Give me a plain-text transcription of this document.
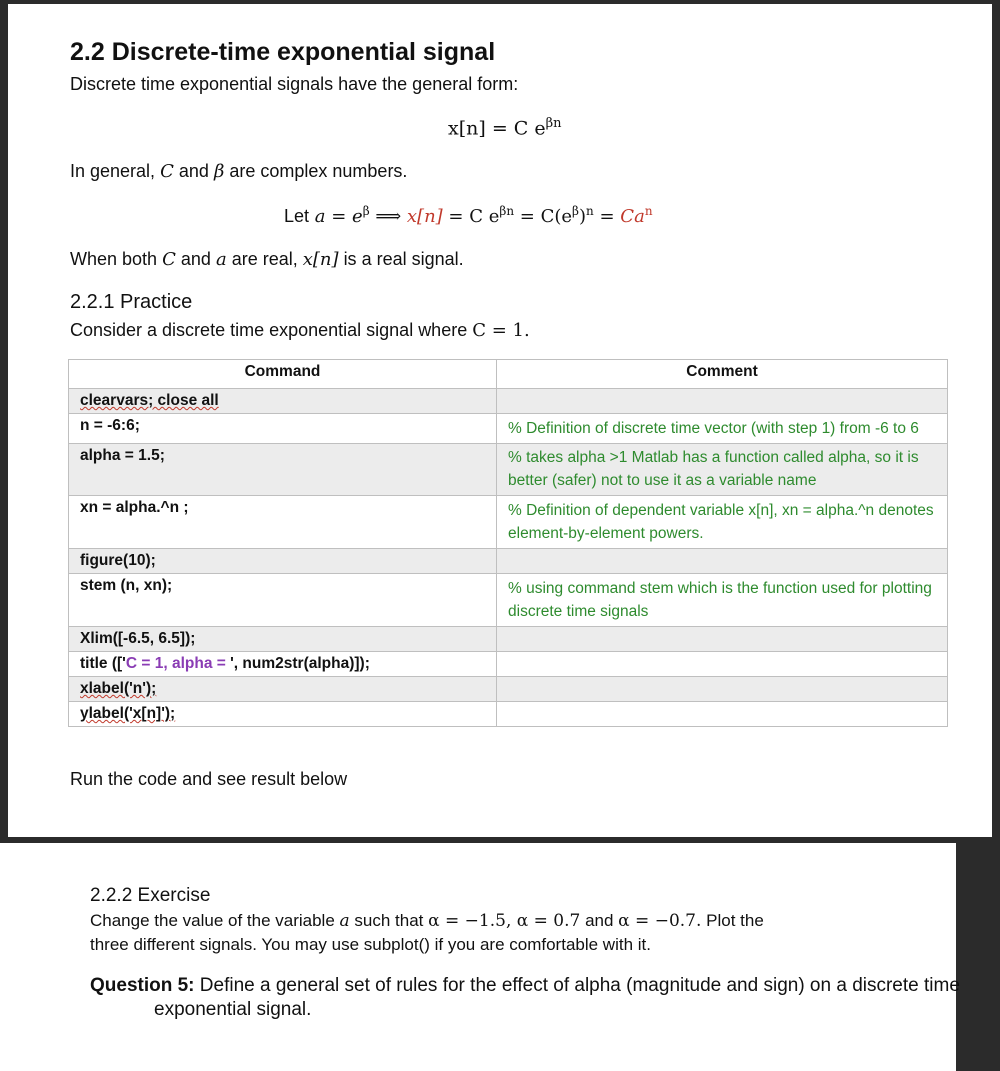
2.2 Discrete-time exponential signal
Discrete time exponential signals have the general form:
x[n] = C $e^{\beta n}$
In general, C and β are complex numbers.
Let $a = e^\beta$ ⟹ x[n] = C $e^{\beta n} = C(e^\beta)^n = Ca^n$
When both C and a are real, x[n] is a real signal.
2.2.1 Practice
Consider a discrete time exponential signal where C = 1.
Command	Comment
clearvars; close all	
n = -6:6;	% Definition of discrete time vector (with step 1) from -6 to 6
alpha = 1.5;	% takes alpha >1 Matlab has a function called alpha, so it is better (safer) not to use it as a variable name
xn = alpha.^n ;	% Definition of dependent variable x[n], xn = alpha.^n denotes element-by-element powers.
figure(10);	
stem (n, xn);	% using command stem which is the function used for plotting discrete time signals
Xlim([-6.5, 6.5]);	
title (['C = 1, alpha = ', num2str(alpha)]);	
xlabel('n');	
ylabel('x[n]');	
Run the code and see result below
2.2.2 Exercise
Change the value of the variable a such that α = −1.5, α = 0.7 and α = −0.7. Plot the
three different signals. You may use subplot() if you are comfortable with it.
Question 5: Define a general set of rules for the effect of alpha (magnitude and sign) on a discrete time exponential signal.
